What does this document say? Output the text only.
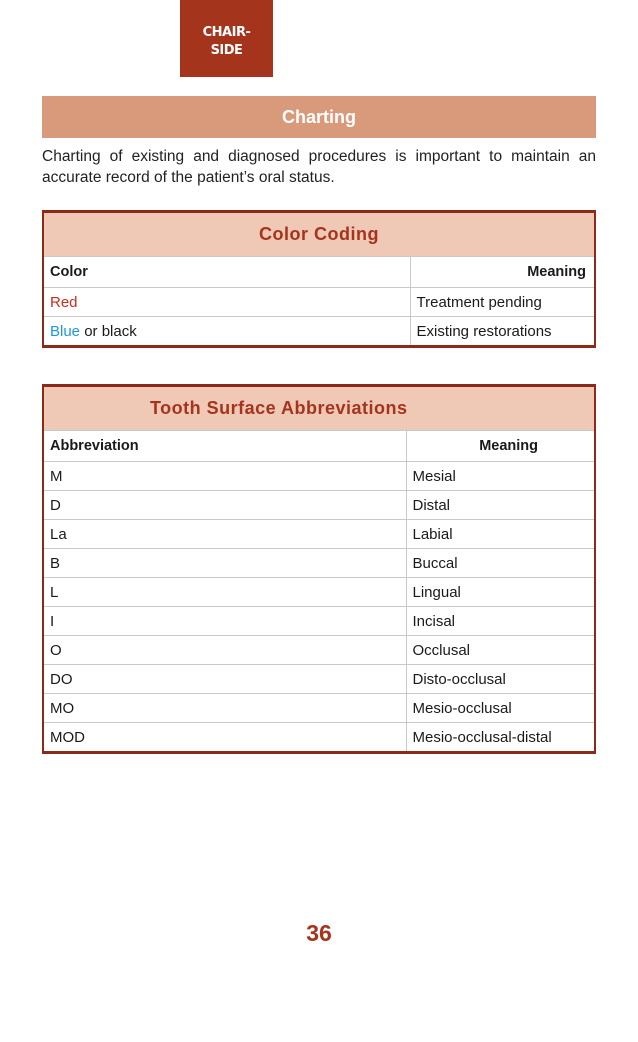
CHAIR-
SIDE
Charting
Charting of existing and diagnosed procedures is important to maintain an accurate record of the patient’s oral status.
Color Coding	
Color	Meaning
Red	Treatment pending
Blue or black	Existing restorations
Tooth Surface Abbreviations	
Abbreviation	Meaning
M	Mesial
D	Distal
La	Labial
B	Buccal
L	Lingual
I	Incisal
O	Occlusal
DO	Disto-occlusal
MO	Mesio-occlusal
MOD	Mesio-occlusal-distal
36
